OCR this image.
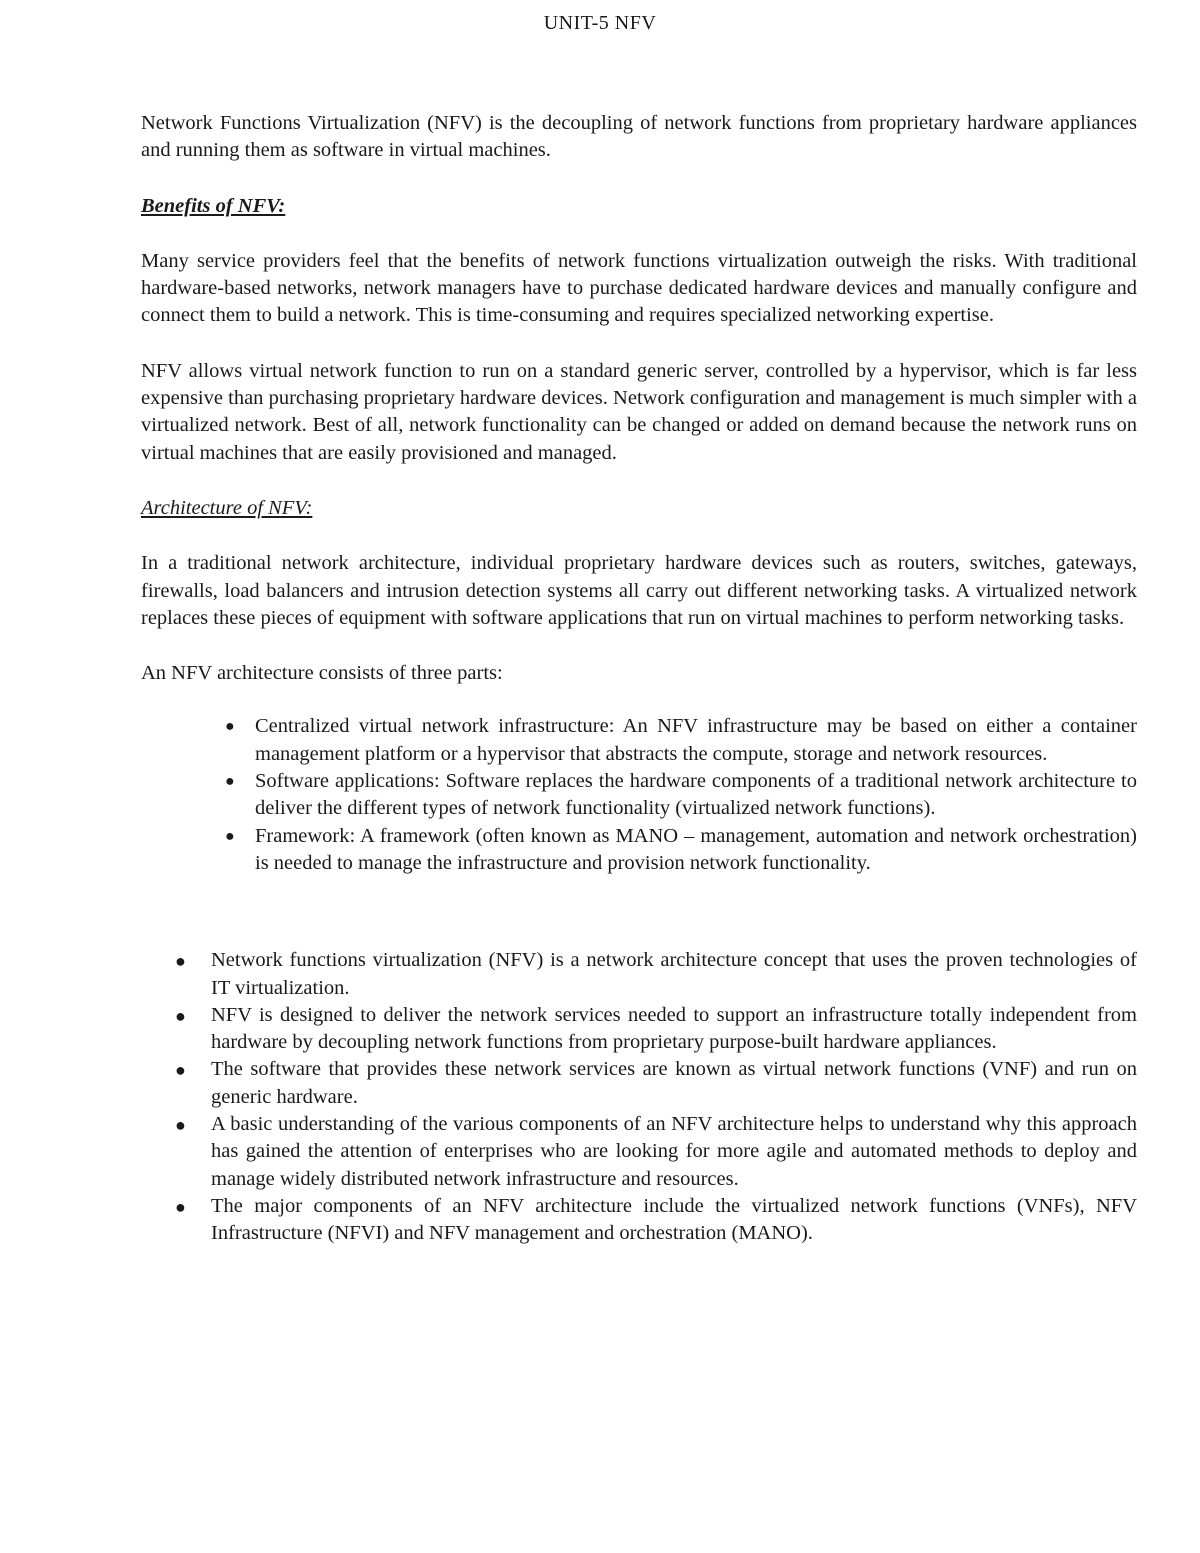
UNIT-5 NFV

Network Functions Virtualization (NFV) is the decoupling of network functions from proprietary hardware appliances and running them as software in virtual machines.

Benefits of NFV:

Many service providers feel that the benefits of network functions virtualization outweigh the risks. With traditional hardware-based networks, network managers have to purchase dedicated hardware devices and manually configure and connect them to build a network. This is time-consuming and requires specialized networking expertise.

NFV allows virtual network function to run on a standard generic server, controlled by a hypervisor, which is far less expensive than purchasing proprietary hardware devices. Network configuration and management is much simpler with a virtualized network. Best of all, network functionality can be changed or added on demand because the network runs on virtual machines that are easily provisioned and managed.

Architecture of NFV:

In a traditional network architecture, individual proprietary hardware devices such as routers, switches, gateways, firewalls, load balancers and intrusion detection systems all carry out different networking tasks. A virtualized network replaces these pieces of equipment with software applications that run on virtual machines to perform networking tasks.

An NFV architecture consists of three parts:

● Centralized virtual network infrastructure: An NFV infrastructure may be based on either a container management platform or a hypervisor that abstracts the compute, storage and network resources.
● Software applications: Software replaces the hardware components of a traditional network architecture to deliver the different types of network functionality (virtualized network functions).
● Framework: A framework (often known as MANO – management, automation and network orchestration) is needed to manage the infrastructure and provision network functionality.
● Network functions virtualization (NFV) is a network architecture concept that uses the proven technologies of IT virtualization.
● NFV is designed to deliver the network services needed to support an infrastructure totally independent from hardware by decoupling network functions from proprietary purpose-built hardware appliances.
● The software that provides these network services are known as virtual network functions (VNF) and run on generic hardware.
● A basic understanding of the various components of an NFV architecture helps to understand why this approach has gained the attention of enterprises who are looking for more agile and automated methods to deploy and manage widely distributed network infrastructure and resources.
● The major components of an NFV architecture include the virtualized network functions (VNFs), NFV Infrastructure (NFVI) and NFV management and orchestration (MANO).
